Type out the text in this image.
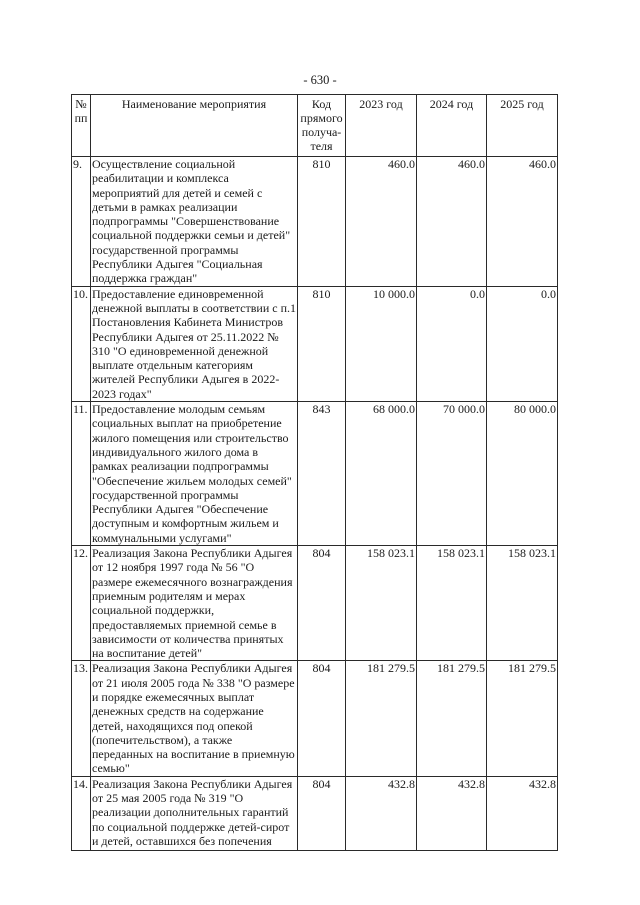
- 630 -
№ пп	Наименование мероприятия	Код прямого получа-теля	2023 год	2024 год	2025 год
9.	Осуществление социальной реабилитации и комплекса мероприятий для детей и семей с детьми в рамках реализации подпрограммы "Совершенствование социальной поддержки семьи и детей" государственной программы Республики Адыгея "Социальная поддержка граждан"	810	460.0	460.0	460.0
10.	Предоставление единовременной денежной выплаты в соответствии с п.1 Постановления Кабинета Министров Республики Адыгея от 25.11.2022 № 310 "О единовременной денежной выплате отдельным категориям жителей Республики Адыгея в 2022-2023 годах"	810	10 000.0	0.0	0.0
11.	Предоставление молодым семьям социальных выплат на приобретение жилого помещения или строительство индивидуального жилого дома в рамках реализации подпрограммы "Обеспечение жильем молодых семей" государственной программы Республики Адыгея "Обеспечение доступным и комфортным жильем и коммунальными услугами"	843	68 000.0	70 000.0	80 000.0
12.	Реализация Закона Республики Адыгея от 12 ноября 1997 года № 56 "О размере ежемесячного вознаграждения приемным родителям и мерах социальной поддержки, предоставляемых приемной семье в зависимости от количества принятых на воспитание детей"	804	158 023.1	158 023.1	158 023.1
13.	Реализация Закона Республики Адыгея от 21 июля 2005 года № 338 "О размере и порядке ежемесячных выплат денежных средств на содержание детей, находящихся под опекой (попечительством), а также переданных на воспитание в приемную семью"	804	181 279.5	181 279.5	181 279.5
14.	Реализация Закона Республики Адыгея от 25 мая 2005 года № 319 "О реализации дополнительных гарантий по социальной поддержке детей-сирот и детей, оставшихся без попечения	804	432.8	432.8	432.8
